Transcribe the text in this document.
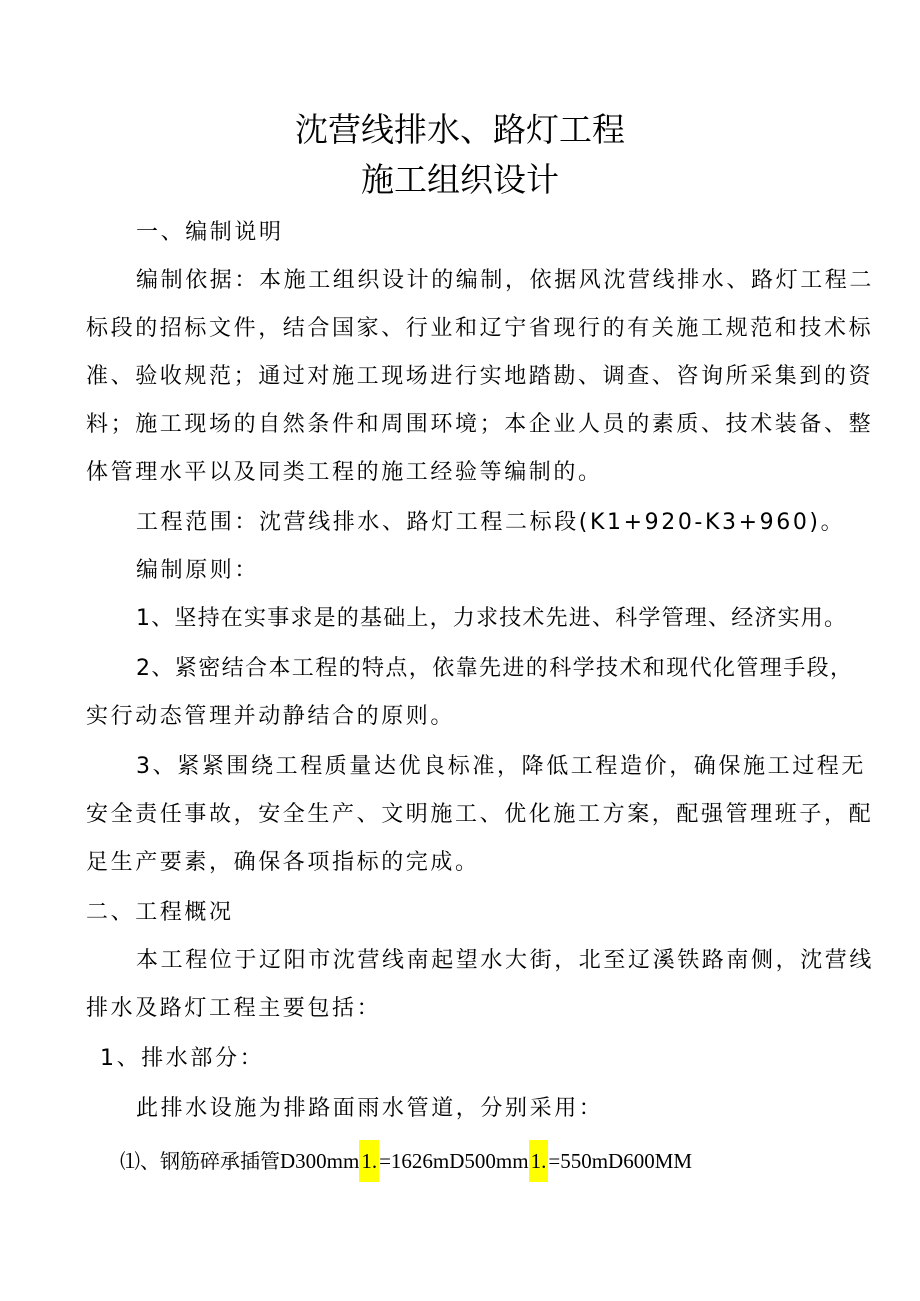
沈营线排水、路灯工程
施工组织设计
一、编制说明
编制依据：本施工组织设计的编制，依据风沈营线排水、路灯工程二
标段的招标文件，结合国家、行业和辽宁省现行的有关施工规范和技术标
准、验收规范；通过对施工现场进行实地踏勘、调查、咨询所采集到的资
料；施工现场的自然条件和周围环境；本企业人员的素质、技术装备、整
体管理水平以及同类工程的施工经验等编制的。
工程范围：沈营线排水、路灯工程二标段(K1+920-K3+960)。
编制原则：
1、坚持在实事求是的基础上，力求技术先进、科学管理、经济实用。
2、紧密结合本工程的特点，依靠先进的科学技术和现代化管理手段，
实行动态管理并动静结合的原则。
3、紧紧围绕工程质量达优良标准，降低工程造价，确保施工过程无
安全责任事故，安全生产、文明施工、优化施工方案，配强管理班子，配
足生产要素，确保各项指标的完成。
二、工程概况
本工程位于辽阳市沈营线南起望水大街，北至辽溪铁路南侧，沈营线
排水及路灯工程主要包括：
1、排水部分：
此排水设施为排路面雨水管道，分别采用：
⑴、钢筋碎承插管D300mm1.=1626mD500mm1.=550mD600MM
